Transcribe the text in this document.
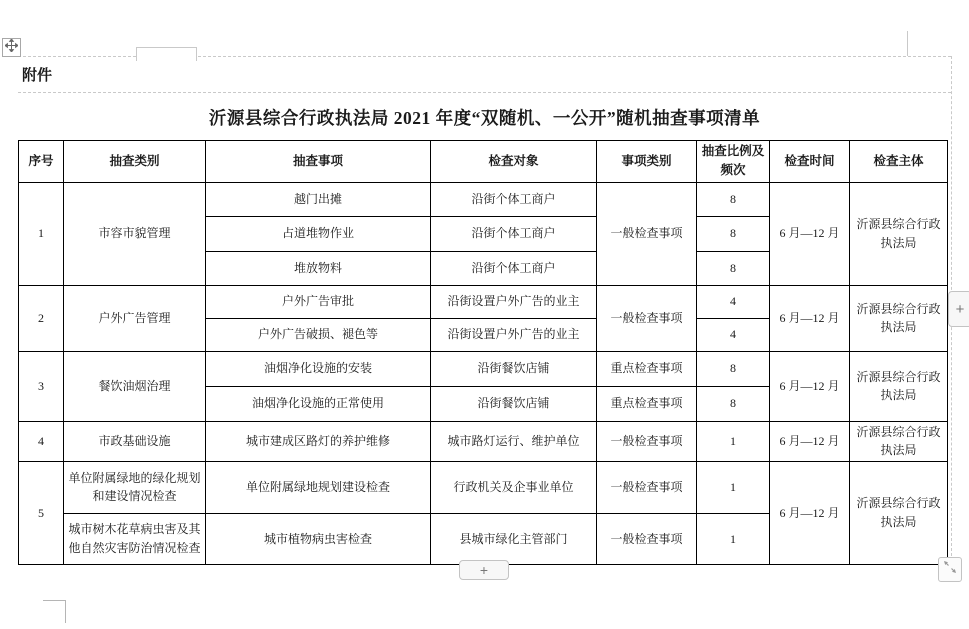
附件
沂源县综合行政执法局 2021 年度“双随机、一公开”随机抽查事项清单
序号	抽查类别	抽查事项	检查对象	事项类别	抽查比例及频次	检查时间	检查主体
1	市容市貌管理	越门出摊	沿街个体工商户	一般检查事项	8	6 月—12 月	沂源县综合行政执法局
		占道堆物作业	沿街个体工商户		8		
		堆放物料	沿街个体工商户		8		
2	户外广告管理	户外广告审批	沿街设置户外广告的业主	一般检查事项	4	6 月—12 月	沂源县综合行政执法局
		户外广告破损、褪色等	沿街设置户外广告的业主		4		
3	餐饮油烟治理	油烟净化设施的安装	沿街餐饮店铺	重点检查事项	8	6 月—12 月	沂源县综合行政执法局
		油烟净化设施的正常使用	沿街餐饮店铺	重点检查事项	8		
4	市政基础设施	城市建成区路灯的养护维修	城市路灯运行、维护单位	一般检查事项	1	6 月—12 月	沂源县综合行政执法局
5	单位附属绿地的绿化规划和建设情况检查	单位附属绿地规划建设检查	行政机关及企事业单位	一般检查事项	1	6 月—12 月	沂源县综合行政执法局
	城市树木花草病虫害及其他自然灾害防治情况检查	城市植物病虫害检查	县城市绿化主管部门	一般检查事项	1		
+
+
